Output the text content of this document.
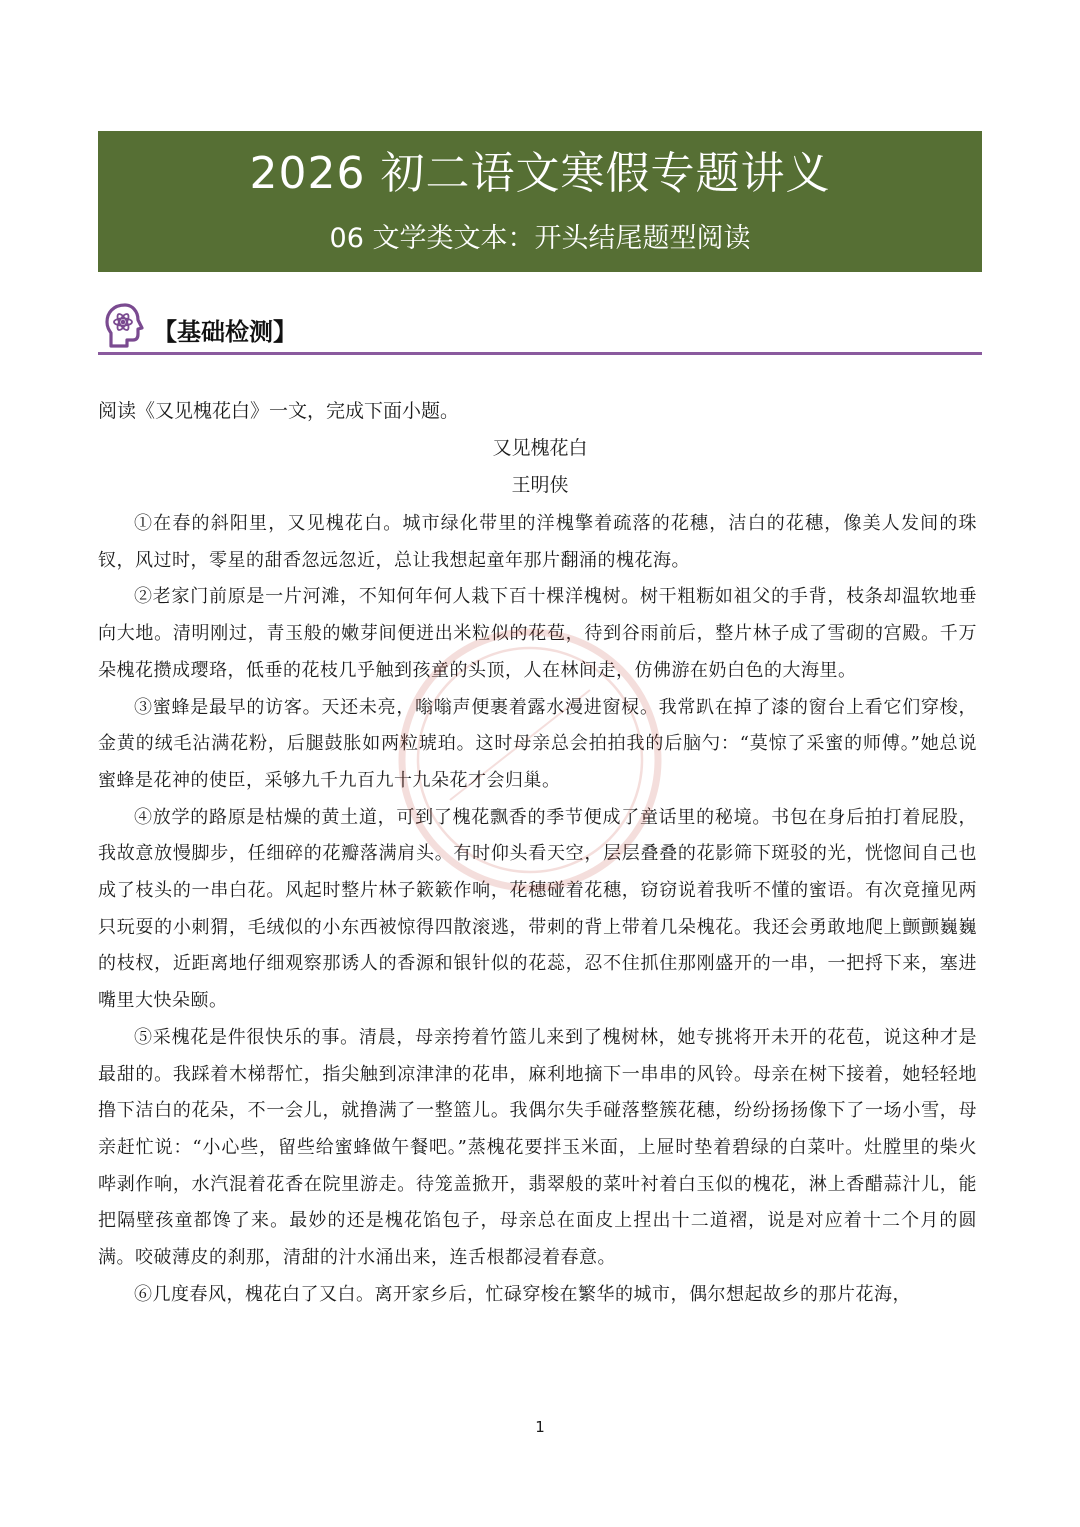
2026 初二语文寒假专题讲义
06 文学类文本：开头结尾题型阅读
【基础检测】
阅读《又见槐花白》一文，完成下面小题。
又见槐花白
王明侠

①在春的斜阳里，又见槐花白。城市绿化带里的洋槐擎着疏落的花穗，洁白的花穗，像美人发间的珠钗，风过时，零星的甜香忽远忽近，总让我想起童年那片翻涌的槐花海。

②老家门前原是一片河滩，不知何年何人栽下百十棵洋槐树。树干粗粝如祖父的手背，枝条却温软地垂向大地。清明刚过，青玉般的嫩芽间便迸出米粒似的花苞，待到谷雨前后，整片林子成了雪砌的宫殿。千万朵槐花攒成璎珞，低垂的花枝几乎触到孩童的头顶，人在林间走，仿佛游在奶白色的大海里。

③蜜蜂是最早的访客。天还未亮，嗡嗡声便裹着露水漫进窗棂。我常趴在掉了漆的窗台上看它们穿梭，金黄的绒毛沾满花粉，后腿鼓胀如两粒琥珀。这时母亲总会拍拍我的后脑勺：“莫惊了采蜜的师傅。”她总说蜜蜂是花神的使臣，采够九千九百九十九朵花才会归巢。

④放学的路原是枯燥的黄土道，可到了槐花飘香的季节便成了童话里的秘境。书包在身后拍打着屁股，我故意放慢脚步，任细碎的花瓣落满肩头。有时仰头看天空，层层叠叠的花影筛下斑驳的光，恍惚间自己也成了枝头的一串白花。风起时整片林子簌簌作响，花穗碰着花穗，窃窃说着我听不懂的蜜语。有次竟撞见两只玩耍的小刺猬，毛绒似的小东西被惊得四散滚逃，带刺的背上带着几朵槐花。我还会勇敢地爬上颤颤巍巍的枝杈，近距离地仔细观察那诱人的香源和银针似的花蕊，忍不住抓住那刚盛开的一串，一把捋下来，塞进嘴里大快朵颐。

⑤采槐花是件很快乐的事。清晨，母亲挎着竹篮儿来到了槐树林，她专挑将开未开的花苞，说这种才是最甜的。我踩着木梯帮忙，指尖触到凉津津的花串，麻利地摘下一串串的风铃。母亲在树下接着，她轻轻地撸下洁白的花朵，不一会儿，就撸满了一整篮儿。我偶尔失手碰落整簇花穗，纷纷扬扬像下了一场小雪，母亲赶忙说：“小心些，留些给蜜蜂做午餐吧。”蒸槐花要拌玉米面，上屉时垫着碧绿的白菜叶。灶膛里的柴火哔剥作响，水汽混着花香在院里游走。待笼盖掀开，翡翠般的菜叶衬着白玉似的槐花，淋上香醋蒜汁儿，能把隔壁孩童都馋了来。最妙的还是槐花馅包子，母亲总在面皮上捏出十二道褶，说是对应着十二个月的圆满。咬破薄皮的刹那，清甜的汁水涌出来，连舌根都浸着春意。

⑥几度春风，槐花白了又白。离开家乡后，忙碌穿梭在繁华的城市，偶尔想起故乡的那片花海，

1
